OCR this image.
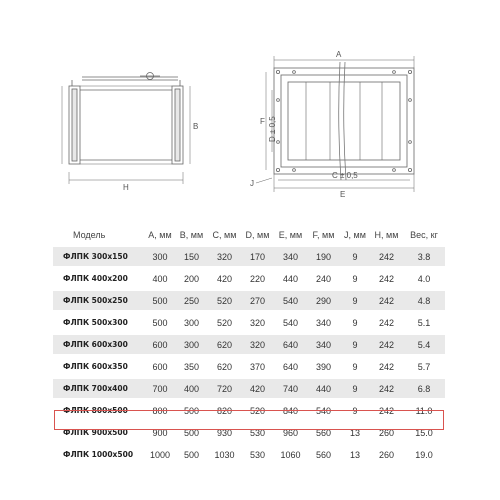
B
H
A
F D ± 0,5
C ± 0,5
E
J
Модель	A, мм	B, мм	C, мм	D, мм	E, мм	F, мм	J, мм	H, мм	Вес, кг
ФЛПК 300x150	300	150	320	170	340	190	9	242	3.8
ФЛПК 400x200	400	200	420	220	440	240	9	242	4.0
ФЛПК 500x250	500	250	520	270	540	290	9	242	4.8
ФЛПК 500x300	500	300	520	320	540	340	9	242	5.1
ФЛПК 600x300	600	300	620	320	640	340	9	242	5.4
ФЛПК 600x350	600	350	620	370	640	390	9	242	5.7
ФЛПК 700x400	700	400	720	420	740	440	9	242	6.8
ФЛПК 800x500	800	500	820	520	840	540	9	242	11.0
ФЛПК 900x500	900	500	930	530	960	560	13	260	15.0
ФЛПК 1000x500	1000	500	1030	530	1060	560	13	260	19.0
